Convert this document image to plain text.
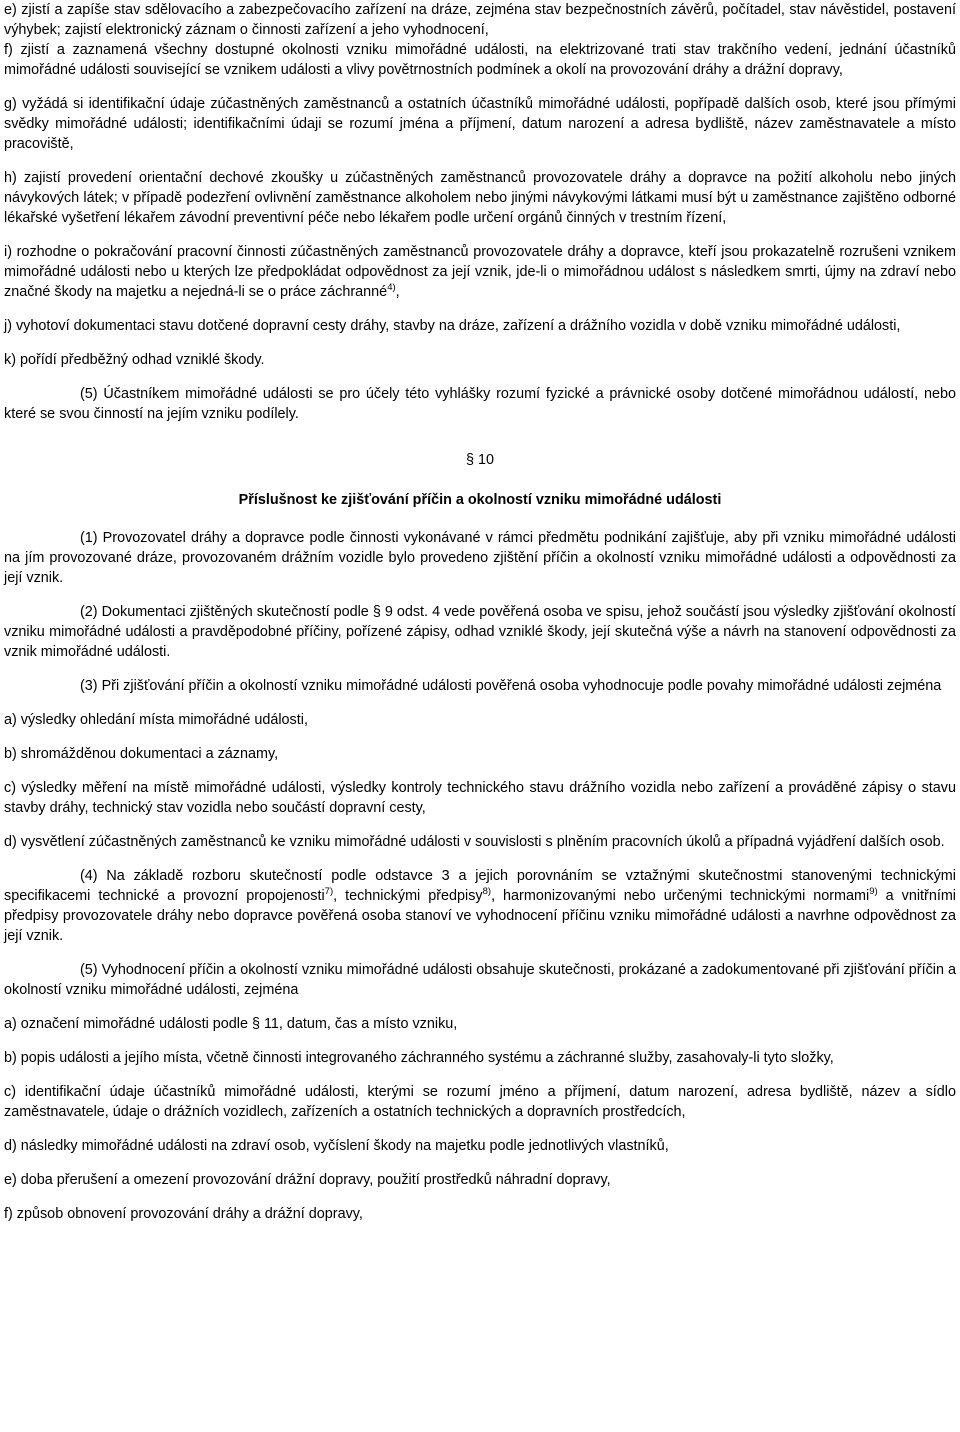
e) zjistí a zapíše stav sdělovacího a zabezpečovacího zařízení na dráze, zejména stav bezpečnostních závěrů, počítadel, stav návěstidel, postavení výhybek; zajistí elektronický záznam o činnosti zařízení a jeho vyhodnocení,

f) zjistí a zaznamená všechny dostupné okolnosti vzniku mimořádné události, na elektrizované trati stav trakčního vedení, jednání účastníků mimořádné události související se vznikem události a vlivy povětrnostních podmínek a okolí na provozování dráhy a drážní dopravy,

g) vyžádá si identifikační údaje zúčastněných zaměstnanců a ostatních účastníků mimořádné události, popřípadě dalších osob, které jsou přímými svědky mimořádné události; identifikačními údaji se rozumí jména a příjmení, datum narození a adresa bydliště, název zaměstnavatele a místo pracoviště,

h) zajistí provedení orientační dechové zkoušky u zúčastněných zaměstnanců provozovatele dráhy a dopravce na požití alkoholu nebo jiných návykových látek; v případě podezření ovlivnění zaměstnance alkoholem nebo jinými návykovými látkami musí být u zaměstnance zajištěno odborné lékařské vyšetření lékařem závodní preventivní péče nebo lékařem podle určení orgánů činných v trestním řízení,

i) rozhodne o pokračování pracovní činnosti zúčastněných zaměstnanců provozovatele dráhy a dopravce, kteří jsou prokazatelně rozrušeni vznikem mimořádné události nebo u kterých lze předpokládat odpovědnost za její vznik, jde-li o mimořádnou událost s následkem smrti, újmy na zdraví nebo značné škody na majetku a nejedná-li se o práce záchranné$^{4)}$,

j) vyhotoví dokumentaci stavu dotčené dopravní cesty dráhy, stavby na dráze, zařízení a drážního vozidla v době vzniku mimořádné události,

k) pořídí předběžný odhad vzniklé škody.

(5) Účastníkem mimořádné události se pro účely této vyhlášky rozumí fyzické a právnické osoby dotčené mimořádnou událostí, nebo které se svou činností na jejím vzniku podílely.

§ 10
Příslušnost ke zjišťování příčin a okolností vzniku mimořádné události

(1) Provozovatel dráhy a dopravce podle činnosti vykonávané v rámci předmětu podnikání zajišťuje, aby při vzniku mimořádné události na jím provozované dráze, provozovaném drážním vozidle bylo provedeno zjištění příčin a okolností vzniku mimořádné události a odpovědnosti za její vznik.

(2) Dokumentaci zjištěných skutečností podle § 9 odst. 4 vede pověřená osoba ve spisu, jehož součástí jsou výsledky zjišťování okolností vzniku mimořádné události a pravděpodobné příčiny, pořízené zápisy, odhad vzniklé škody, její skutečná výše a návrh na stanovení odpovědnosti za vznik mimořádné události.

(3) Při zjišťování příčin a okolností vzniku mimořádné události pověřená osoba vyhodnocuje podle povahy mimořádné události zejména

a) výsledky ohledání místa mimořádné události,

b) shromážděnou dokumentaci a záznamy,

c) výsledky měření na místě mimořádné události, výsledky kontroly technického stavu drážního vozidla nebo zařízení a prováděné zápisy o stavu stavby dráhy, technický stav vozidla nebo součástí dopravní cesty,

d) vysvětlení zúčastněných zaměstnanců ke vzniku mimořádné události v souvislosti s plněním pracovních úkolů a případná vyjádření dalších osob.

(4) Na základě rozboru skutečností podle odstavce 3 a jejich porovnáním se vztažnými skutečnostmi stanovenými technickými specifikacemi technické a provozní propojenosti$^{7)}$, technickými předpisy$^{8)}$, harmonizovanými nebo určenými technickými normami$^{9)}$ a vnitřními předpisy provozovatele dráhy nebo dopravce pověřená osoba stanoví ve vyhodnocení příčinu vzniku mimořádné události a navrhne odpovědnost za její vznik.

(5) Vyhodnocení příčin a okolností vzniku mimořádné události obsahuje skutečnosti, prokázané a zadokumentované při zjišťování příčin a okolností vzniku mimořádné události, zejména

a) označení mimořádné události podle § 11, datum, čas a místo vzniku,

b) popis události a jejího místa, včetně činnosti integrovaného záchranného systému a záchranné služby, zasahovaly-li tyto složky,

c) identifikační údaje účastníků mimořádné události, kterými se rozumí jméno a příjmení, datum narození, adresa bydliště, název a sídlo zaměstnavatele, údaje o drážních vozidlech, zařízeních a ostatních technických a dopravních prostředcích,

d) následky mimořádné události na zdraví osob, vyčíslení škody na majetku podle jednotlivých vlastníků,

e) doba přerušení a omezení provozování drážní dopravy, použití prostředků náhradní dopravy,

f) způsob obnovení provozování dráhy a drážní dopravy,
